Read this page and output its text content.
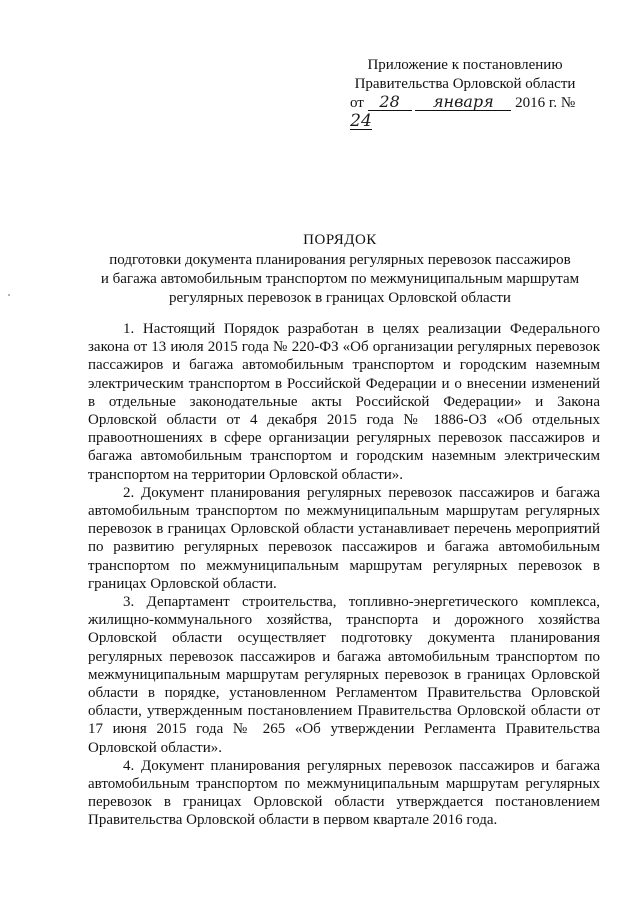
Приложение к постановлению
Правительства Орловской области
от 28 января 2016 г. № 24
ПОРЯДОК
подготовки документа планирования регулярных перевозок пассажиров
и багажа автомобильным транспортом по межмуниципальным маршрутам
регулярных перевозок в границах Орловской области

1. Настоящий Порядок разработан в целях реализации Федерального закона от 13 июля 2015 года № 220-ФЗ «Об организации регулярных перевозок пассажиров и багажа автомобильным транспортом и городским наземным электрическим транспортом в Российской Федерации и о внесении изменений в отдельные законодательные акты Российской Федерации» и Закона Орловской области от 4 декабря 2015 года № 1886-ОЗ «Об отдельных правоотношениях в сфере организации регулярных перевозок пассажиров и багажа автомобильным транспортом и городским наземным электрическим транспортом на территории Орловской области».

2. Документ планирования регулярных перевозок пассажиров и багажа автомобильным транспортом по межмуниципальным маршрутам регулярных перевозок в границах Орловской области устанавливает перечень мероприятий по развитию регулярных перевозок пассажиров и багажа автомобильным транспортом по межмуниципальным маршрутам регулярных перевозок в границах Орловской области.

3. Департамент строительства, топливно-энергетического комплекса, жилищно-коммунального хозяйства, транспорта и дорожного хозяйства Орловской области осуществляет подготовку документа планирования регулярных перевозок пассажиров и багажа автомобильным транспортом по межмуниципальным маршрутам регулярных перевозок в границах Орловской области в порядке, установленном Регламентом Правительства Орловской области, утвержденным постановлением Правительства Орловской области от 17 июня 2015 года № 265 «Об утверждении Регламента Правительства Орловской области».

4. Документ планирования регулярных перевозок пассажиров и багажа автомобильным транспортом по межмуниципальным маршрутам регулярных перевозок в границах Орловской области утверждается постановлением Правительства Орловской области в первом квартале 2016 года.
